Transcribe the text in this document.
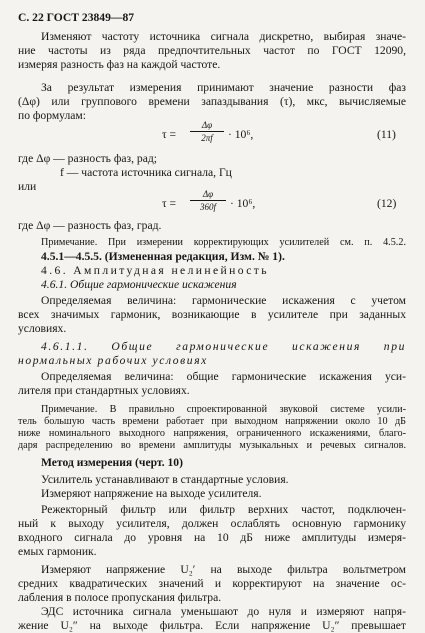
С. 22 ГОСТ 23849—87
Изменяют частоту источника сигнала дискретно, выбирая значе-
ние частоты из ряда предпочтительных частот по ГОСТ 12090,
измеряя разность фаз на каждой частоте.
За результат измерения принимают значение разности фаз
(Δφ) или группового времени запаздывания (τ), мкс, вычисляемые
по формулам:
$\tau = \frac{\Delta\varphi}{2\pi f} \cdot 10^6$,	(11)
где Δφ — разность фаз, рад;
f — частота источника сигнала, Гц
или
$\tau = \frac{\Delta\varphi}{360f} \cdot 10^6$,	(12)
где Δφ — разность фаз, град.
Примечание. При измерении корректирующих усилителей см. п. 4.5.2.
4.5.1—4.5.5. (Измененная редакция, Изм. № 1).
4.6. Амплитудная нелинейность
4.6.1. Общие гармонические искажения
Определяемая величина: гармонические искажения с учетом
всех значимых гармоник, возникающие в усилителе при заданных
условиях.
4.6.1.1. Общие гармонические искажения при
нормальных рабочих условиях
Определяемая величина: общие гармонические искажения уси-
лителя при стандартных условиях.
Примечание. В правильно спроектированной звуковой системе усили-
тель большую часть времени работает при выходном напряжении около 10 дБ
ниже номинального выходного напряжения, ограниченного искажениями, благо-
даря распределению во времени амплитуды музыкальных и речевых сигналов.
Метод измерения (черт. 10)
Усилитель устанавливают в стандартные условия.
Измеряют напряжение на выходе усилителя.
Режекторный фильтр или фильтр верхних частот, подключен-
ный к выходу усилителя, должен ослаблять основную гармонику
входного сигнала до уровня на 10 дБ ниже амплитуды измеря-
емых гармоник.
Измеряют напряжение U₂′ на выходе фильтра вольтметром
средних квадратических значений и корректируют на значение ос-
лабления в полосе пропускания фильтра.
ЭДС источника сигнала уменьшают до нуля и измеряют напря-
жение U₂″ на выходе фильтра. Если напряжение U₂″ превышает
